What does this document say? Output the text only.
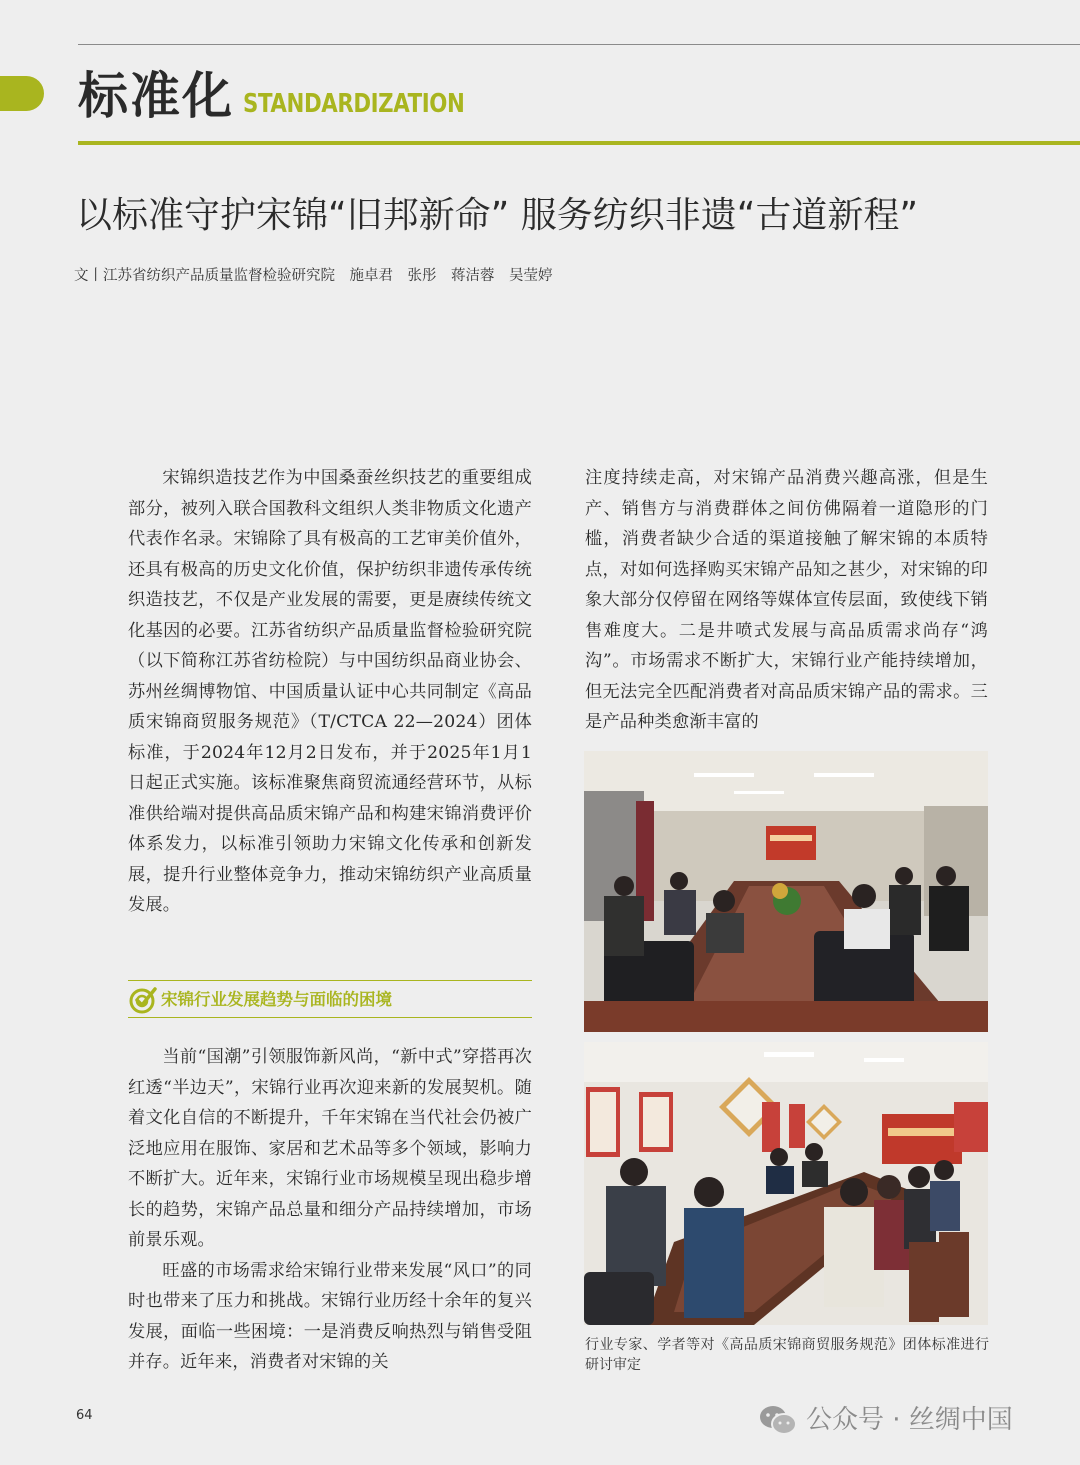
标准化 STANDARDIZATION
以标准守护宋锦“旧邦新命” 服务纺织非遗“古道新程”
文丨江苏省纺织产品质量监督检验研究院　施卓君　张彤　蒋洁蓉　吴莹婷

宋锦织造技艺作为中国桑蚕丝织技艺的重要组成部分，被列入联合国教科文组织人类非物质文化遗产代表作名录。宋锦除了具有极高的工艺审美价值外，还具有极高的历史文化价值，保护纺织非遗传承传统织造技艺，不仅是产业发展的需要，更是赓续传统文化基因的必要。江苏省纺织产品质量监督检验研究院（以下简称江苏省纺检院）与中国纺织品商业协会、苏州丝绸博物馆、中国质量认证中心共同制定《高品质宋锦商贸服务规范》（T/CTCA 22—2024）团体标准，于2024年12月2日发布，并于2025年1月1日起正式实施。该标准聚焦商贸流通经营环节，从标准供给端对提供高品质宋锦产品和构建宋锦消费评价体系发力，以标准引领助力宋锦文化传承和创新发展，提升行业整体竞争力，推动宋锦纺织产业高质量发展。

宋锦行业发展趋势与面临的困境

当前“国潮”引领服饰新风尚，“新中式”穿搭再次红透“半边天”，宋锦行业再次迎来新的发展契机。随着文化自信的不断提升，千年宋锦在当代社会仍被广泛地应用在服饰、家居和艺术品等多个领域，影响力不断扩大。近年来，宋锦行业市场规模呈现出稳步增长的趋势，宋锦产品总量和细分产品持续增加，市场前景乐观。

旺盛的市场需求给宋锦行业带来发展“风口”的同时也带来了压力和挑战。宋锦行业历经十余年的复兴发展，面临一些困境：一是消费反响热烈与销售受阻并存。近年来，消费者对宋锦的关

注度持续走高，对宋锦产品消费兴趣高涨，但是生产、销售方与消费群体之间仿佛隔着一道隐形的门槛，消费者缺少合适的渠道接触了解宋锦的本质特点，对如何选择购买宋锦产品知之甚少，对宋锦的印象大部分仅停留在网络等媒体宣传层面，致使线下销售难度大。二是井喷式发展与高品质需求尚存“鸿沟”。市场需求不断扩大，宋锦行业产能持续增加，但无法完全匹配消费者对高品质宋锦产品的需求。三是产品种类愈渐丰富的

行业专家、学者等对《高品质宋锦商贸服务规范》团体标准进行研讨审定
64	公众号 · 丝绸中国
